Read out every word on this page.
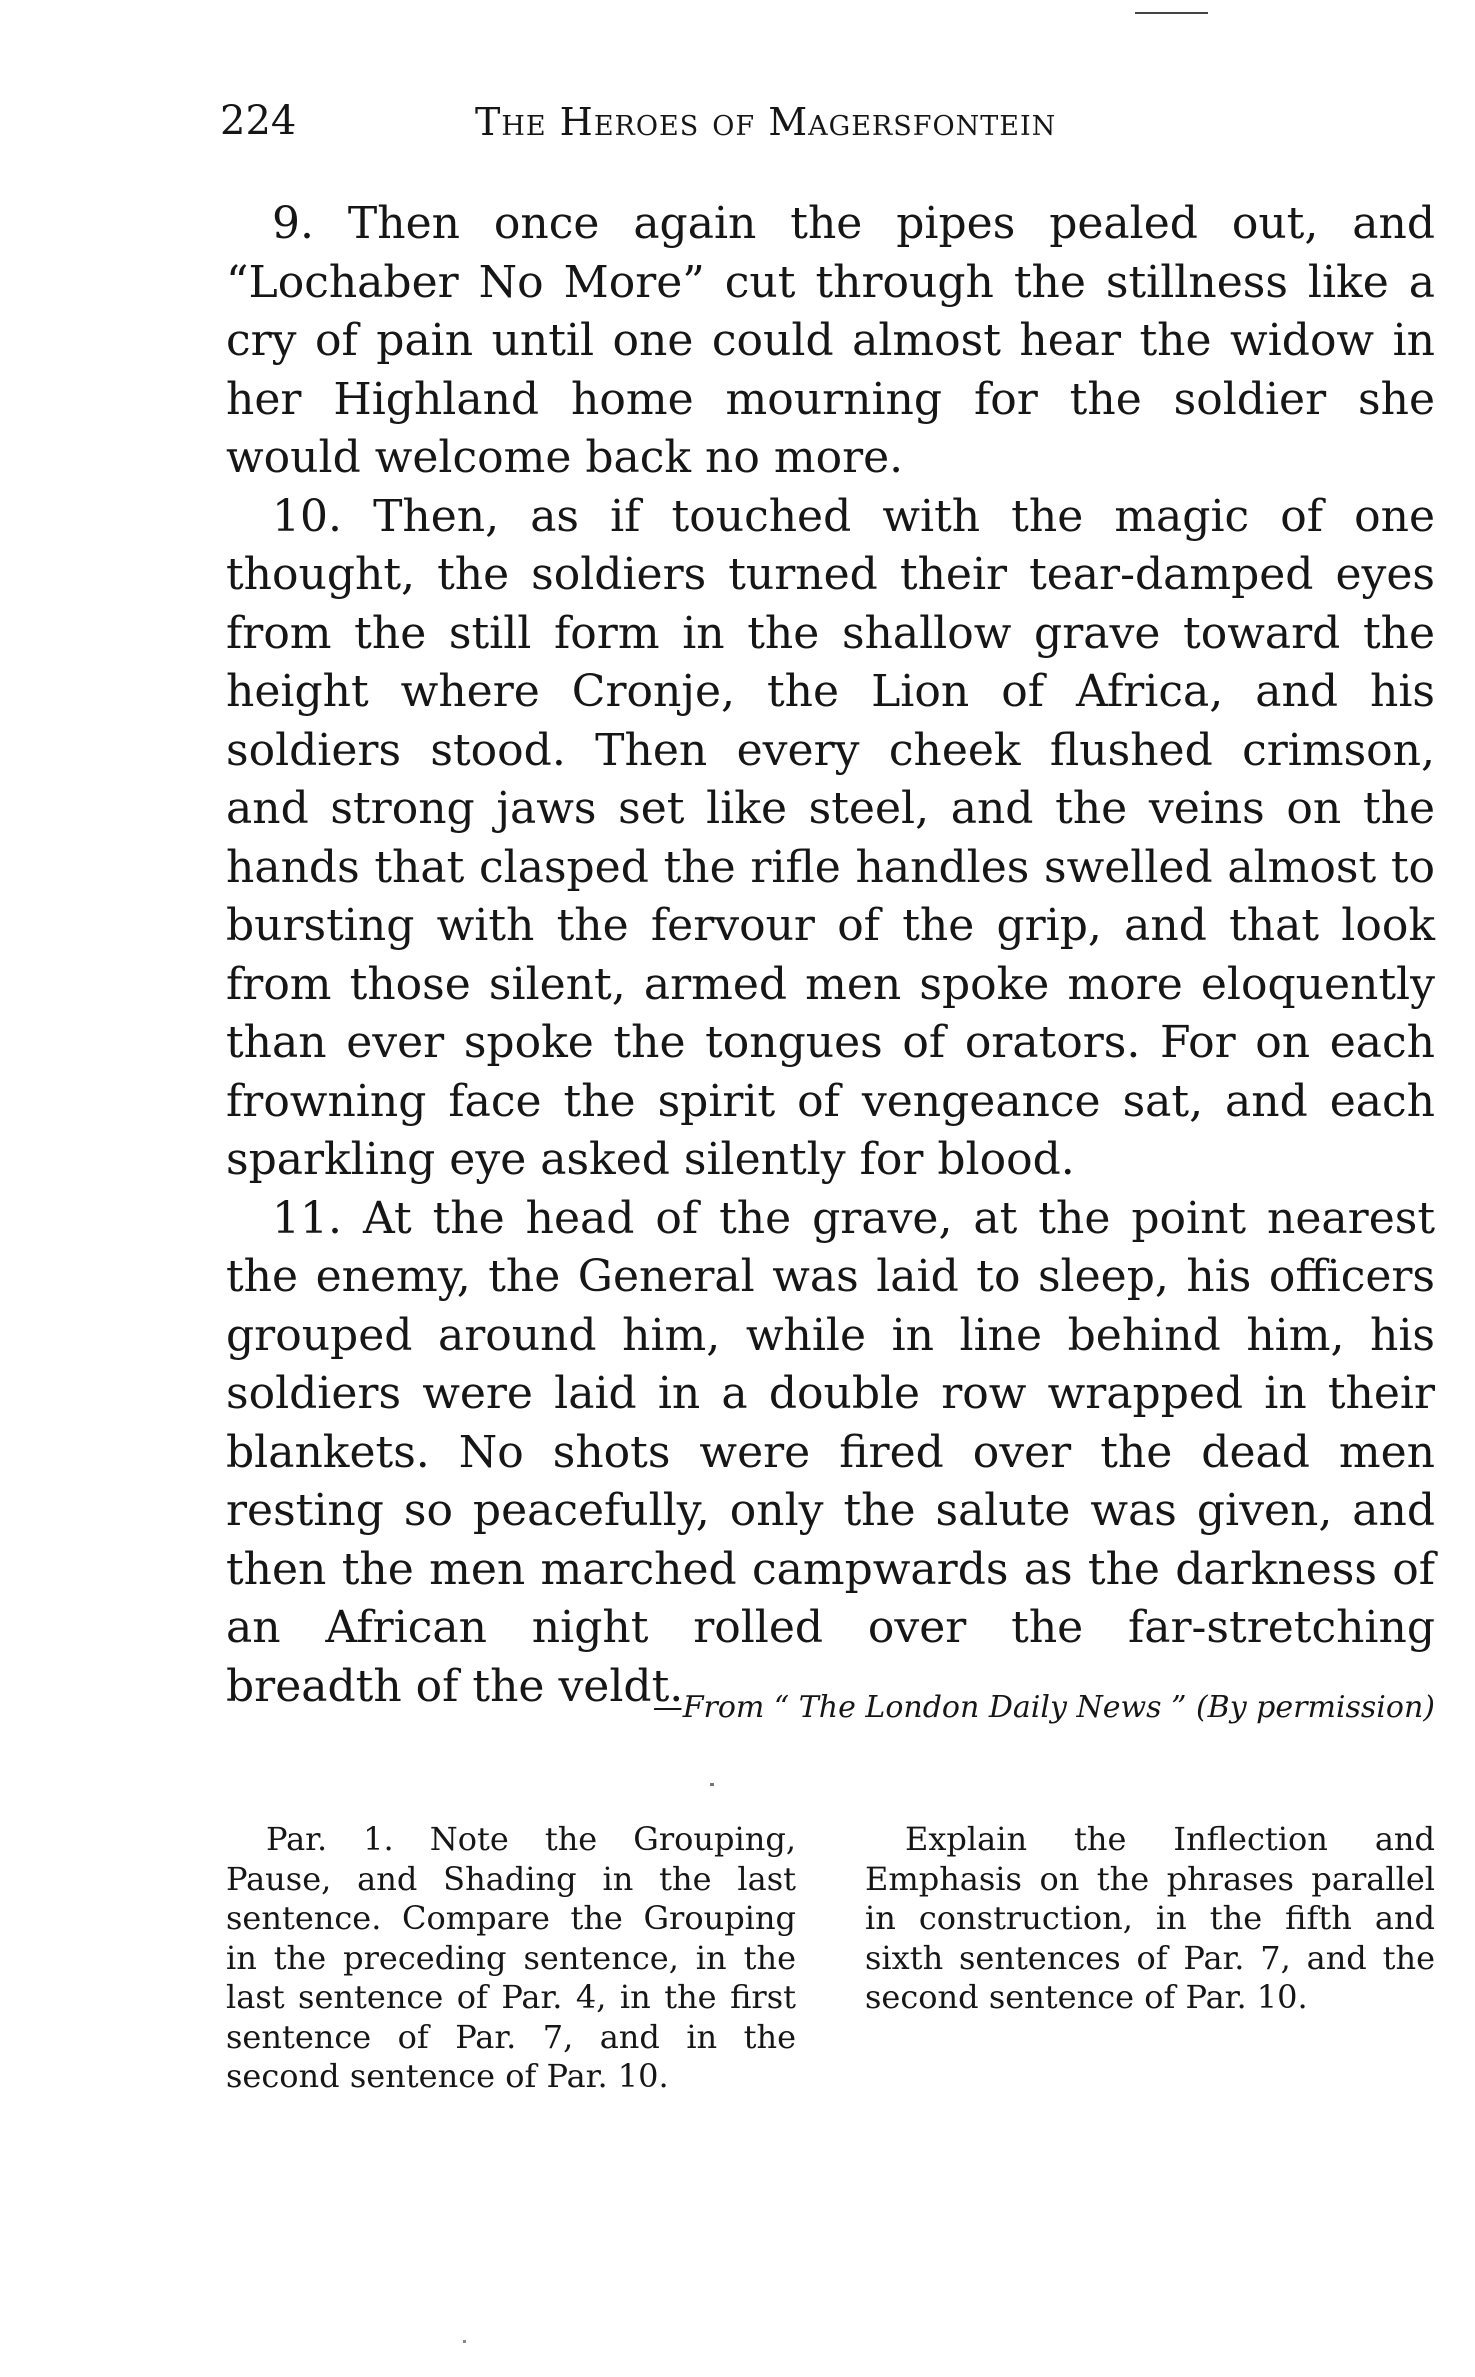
224	The Heroes of Magersfontein

9. Then once again the pipes pealed out, and “Lochaber No More” cut through the stillness like a cry of pain until one could almost hear the widow in her Highland home mourning for the soldier she would welcome back no more.

10. Then, as if touched with the magic of one thought, the soldiers turned their tear-damped eyes from the still form in the shallow grave toward the height where Cronje, the Lion of Africa, and his soldiers stood. Then every cheek flushed crimson, and strong jaws set like steel, and the veins on the hands that clasped the rifle handles swelled almost to bursting with the fervour of the grip, and that look from those silent, armed men spoke more eloquently than ever spoke the tongues of orators. For on each frowning face the spirit of vengeance sat, and each sparkling eye asked silently for blood.

11. At the head of the grave, at the point nearest the enemy, the General was laid to sleep, his officers grouped around him, while in line behind him, his soldiers were laid in a double row wrapped in their blankets. No shots were fired over the dead men resting so peacefully, only the salute was given, and then the men marched campwards as the darkness of an African night rolled over the far-stretching breadth of the veldt.

—From “ The London Daily News ” (By permission)

Par. 1. Note the Grouping, Pause, and Shading in the last sentence. Compare the Grouping in the preceding sentence, in the last sentence of Par. 4, in the first sentence of Par. 7, and in the second sentence of Par. 10.

Explain the Inflection and Emphasis on the phrases parallel in construction, in the fifth and sixth sentences of Par. 7, and the second sentence of Par. 10.
